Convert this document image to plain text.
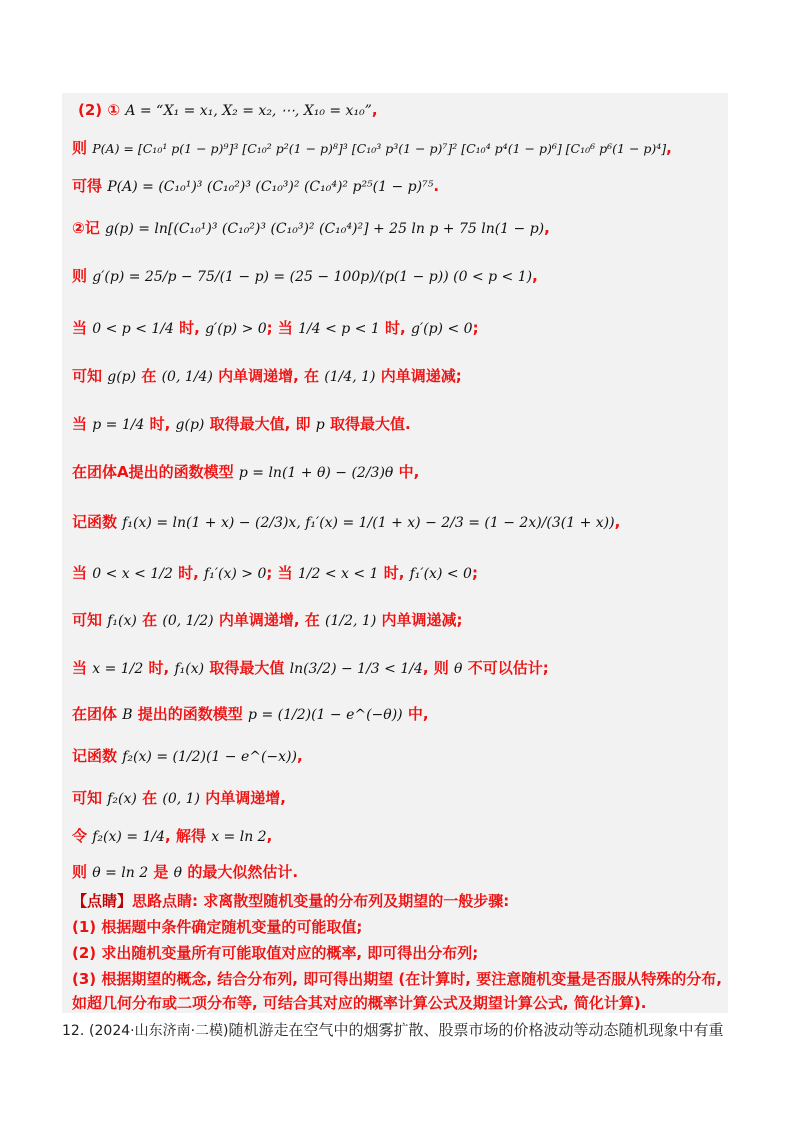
(2) ① A = “X₁ = x₁, X₂ = x₂, ⋯, X₁₀ = x₁₀”,
则 P(A) = [C₁₀¹ p(1 − p)⁹]³ [C₁₀² p²(1 − p)⁸]³ [C₁₀³ p³(1 − p)⁷]² [C₁₀⁴ p⁴(1 − p)⁶] [C₁₀⁶ p⁶(1 − p)⁴],
可得 P(A) = (C₁₀¹)³ (C₁₀²)³ (C₁₀³)² (C₁₀⁴)² p²⁵(1 − p)⁷⁵.
②记 g(p) = ln[(C₁₀¹)³ (C₁₀²)³ (C₁₀³)² (C₁₀⁴)²] + 25 ln p + 75 ln(1 − p),
则 g′(p) = 25/p − 75/(1 − p) = (25 − 100p)/(p(1 − p)) (0 < p < 1),
当 0 < p < 1/4 时, g′(p) > 0; 当 1/4 < p < 1 时, g′(p) < 0;
可知 g(p) 在 (0, 1/4) 内单调递增, 在 (1/4, 1) 内单调递减;
当 p = 1/4 时, g(p) 取得最大值, 即 p 取得最大值.
在团体A提出的函数模型 p = ln(1 + θ) − (2/3)θ 中,
记函数 f₁(x) = ln(1 + x) − (2/3)x, f₁′(x) = 1/(1 + x) − 2/3 = (1 − 2x)/(3(1 + x)),
当 0 < x < 1/2 时, f₁′(x) > 0; 当 1/2 < x < 1 时, f₁′(x) < 0;
可知 f₁(x) 在 (0, 1/2) 内单调递增, 在 (1/2, 1) 内单调递减;
当 x = 1/2 时, f₁(x) 取得最大值 ln(3/2) − 1/3 < 1/4, 则 θ 不可以估计;
在团体 B 提出的函数模型 p = (1/2)(1 − e^(−θ)) 中,
记函数 f₂(x) = (1/2)(1 − e^(−x)),
可知 f₂(x) 在 (0, 1) 内单调递增,
令 f₂(x) = 1/4, 解得 x = ln 2,
则 θ = ln 2 是 θ 的最大似然估计.
【点睛】思路点睛: 求离散型随机变量的分布列及期望的一般步骤:
(1) 根据题中条件确定随机变量的可能取值;
(2) 求出随机变量所有可能取值对应的概率, 即可得出分布列;
(3) 根据期望的概念, 结合分布列, 即可得出期望 (在计算时, 要注意随机变量是否服从特殊的分布,
如超几何分布或二项分布等, 可结合其对应的概率计算公式及期望计算公式, 简化计算).
12. (2024·山东济南·二模)随机游走在空气中的烟雾扩散、股票市场的价格波动等动态随机现象中有重
